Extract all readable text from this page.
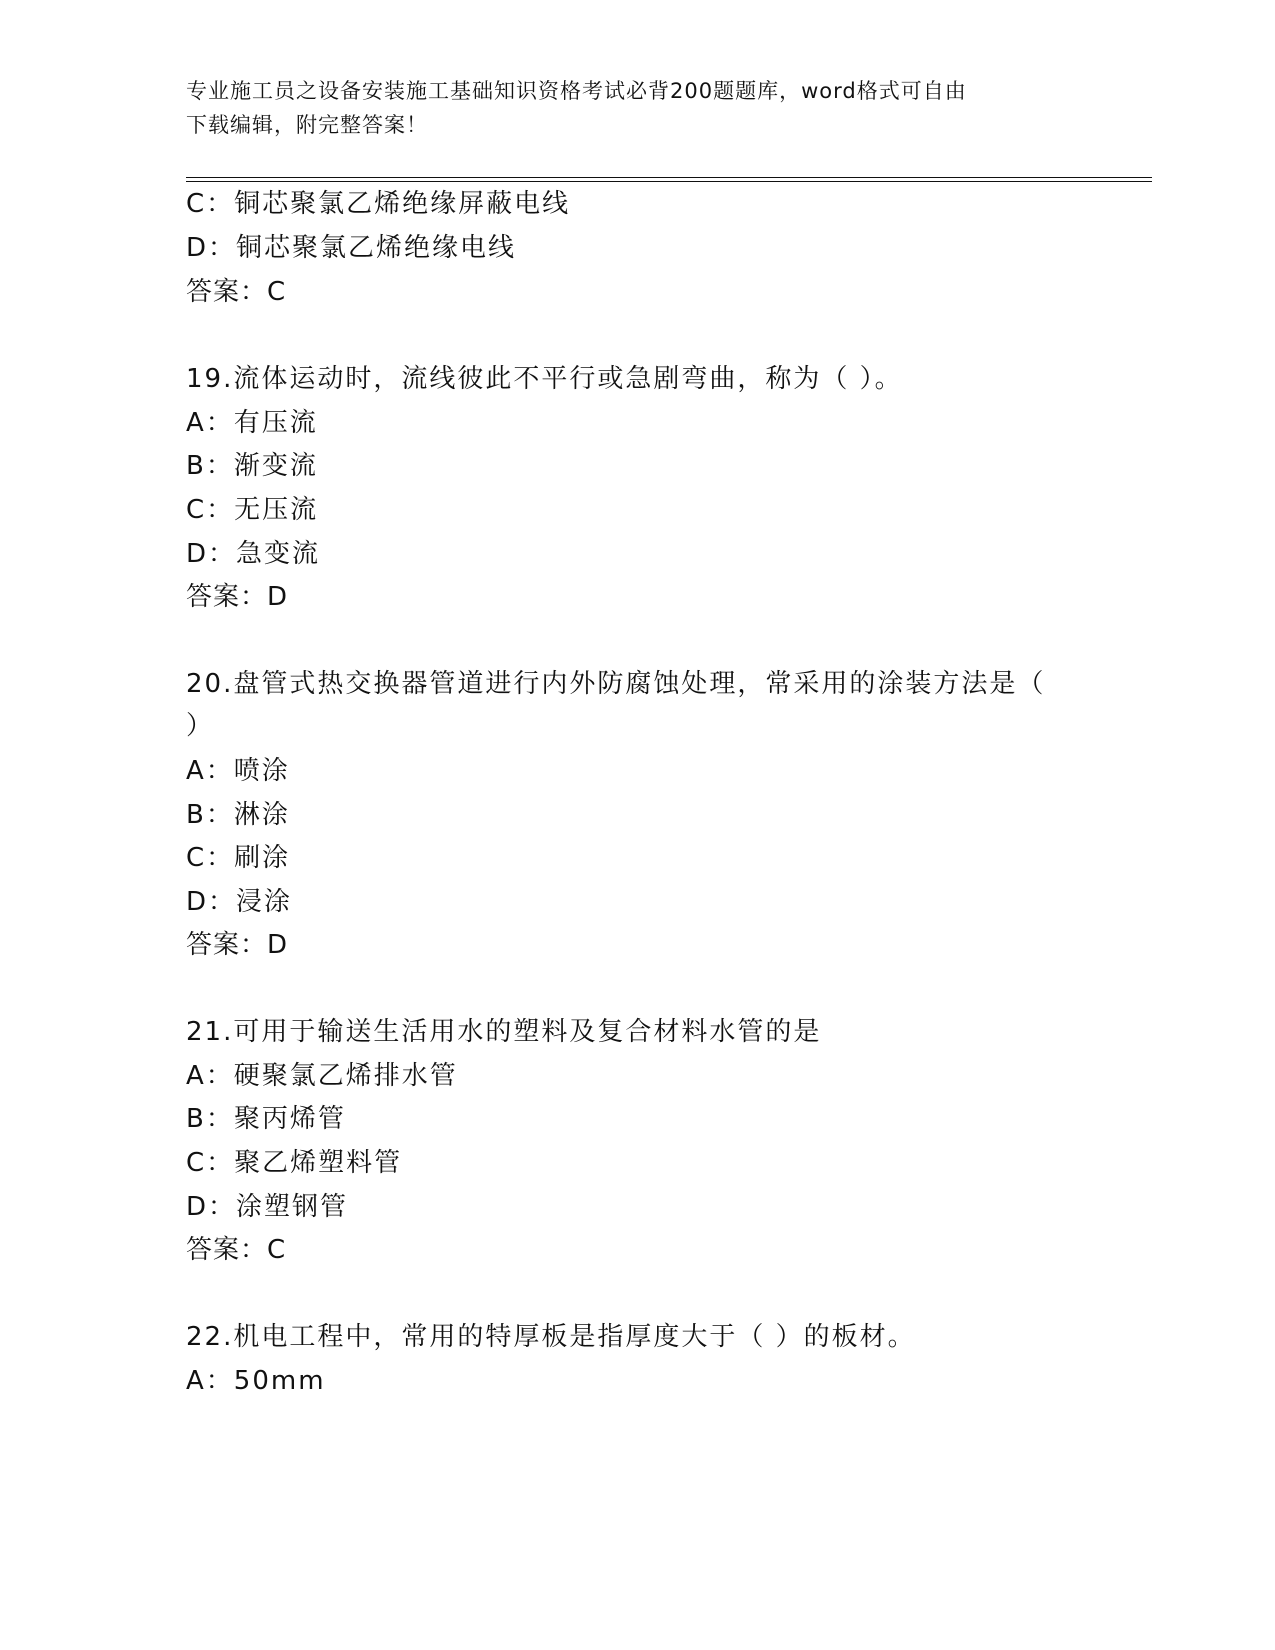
专业施工员之设备安装施工基础知识资格考试必背200题题库，word格式可自由
下载编辑，附完整答案！
C：铜芯聚氯乙烯绝缘屏蔽电线
D：铜芯聚氯乙烯绝缘电线
答案：C
19.流体运动时，流线彼此不平行或急剧弯曲，称为（ ）。
A：有压流
B：渐变流
C：无压流
D：急变流
答案：D
20.盘管式热交换器管道进行内外防腐蚀处理，常采用的涂装方法是（
）
A：喷涂
B：淋涂
C：刷涂
D：浸涂
答案：D
21.可用于输送生活用水的塑料及复合材料水管的是
A：硬聚氯乙烯排水管
B：聚丙烯管
C：聚乙烯塑料管
D：涂塑钢管
答案：C
22.机电工程中，常用的特厚板是指厚度大于（ ）的板材。
A：50mm
